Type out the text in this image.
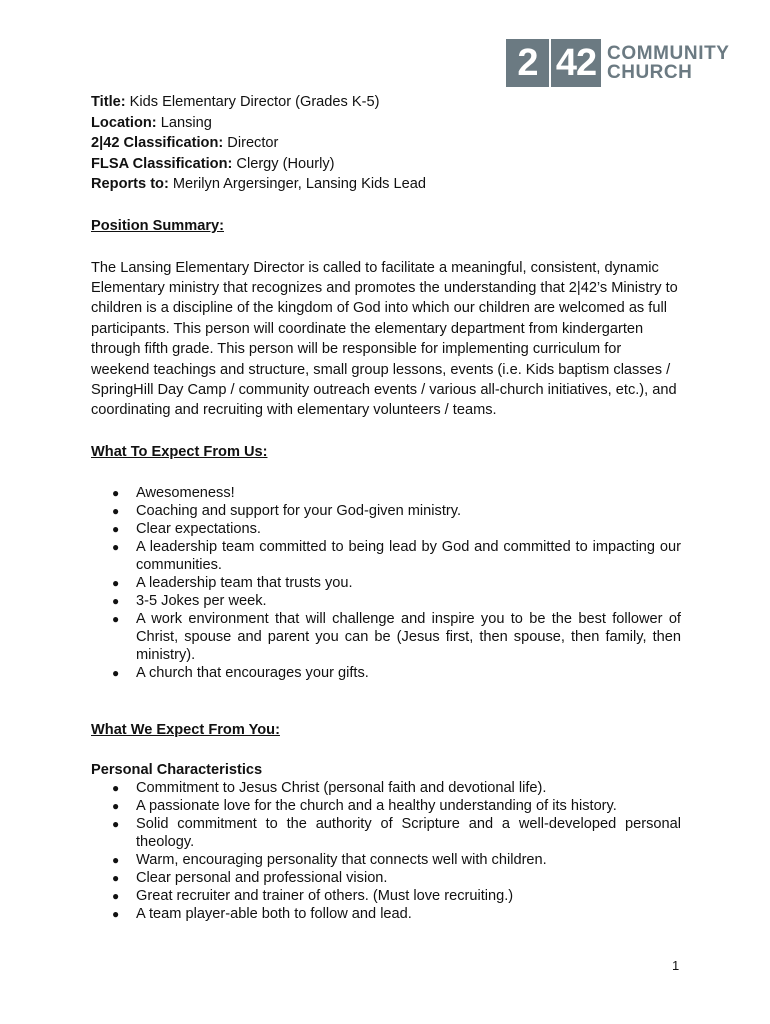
2 42 COMMUNITY
CHURCH

Title: Kids Elementary Director (Grades K-5)

Location: Lansing

2|42 Classification: Director

FLSA Classification: Clergy (Hourly)

Reports to: Merilyn Argersinger, Lansing Kids Lead

Position Summary:

The Lansing Elementary Director is called to facilitate a meaningful, consistent, dynamic Elementary ministry that recognizes and promotes the understanding that 2|42’s Ministry to children is a discipline of the kingdom of God into which our children are welcomed as full participants. This person will coordinate the elementary department from kindergarten through fifth grade. This person will be responsible for implementing curriculum for weekend teachings and structure, small group lessons, events (i.e. Kids baptism classes / SpringHill Day Camp / community outreach events / various all-church initiatives, etc.), and coordinating and recruiting with elementary volunteers / teams.

What To Expect From Us:

● Awesomeness!
● Coaching and support for your God-given ministry.
● Clear expectations.
● A leadership team committed to being lead by God and committed to impacting our communities.
● A leadership team that trusts you.
● 3-5 Jokes per week.
● A work environment that will challenge and inspire you to be the best follower of Christ, spouse and parent you can be (Jesus first, then spouse, then family, then ministry).
● A church that encourages your gifts.

What We Expect From You:

Personal Characteristics

● Commitment to Jesus Christ (personal faith and devotional life).
● A passionate love for the church and a healthy understanding of its history.
● Solid commitment to the authority of Scripture and a well-developed personal theology.
● Warm, encouraging personality that connects well with children.
● Clear personal and professional vision.
● Great recruiter and trainer of others. (Must love recruiting.)
● A team player-able both to follow and lead.
1
